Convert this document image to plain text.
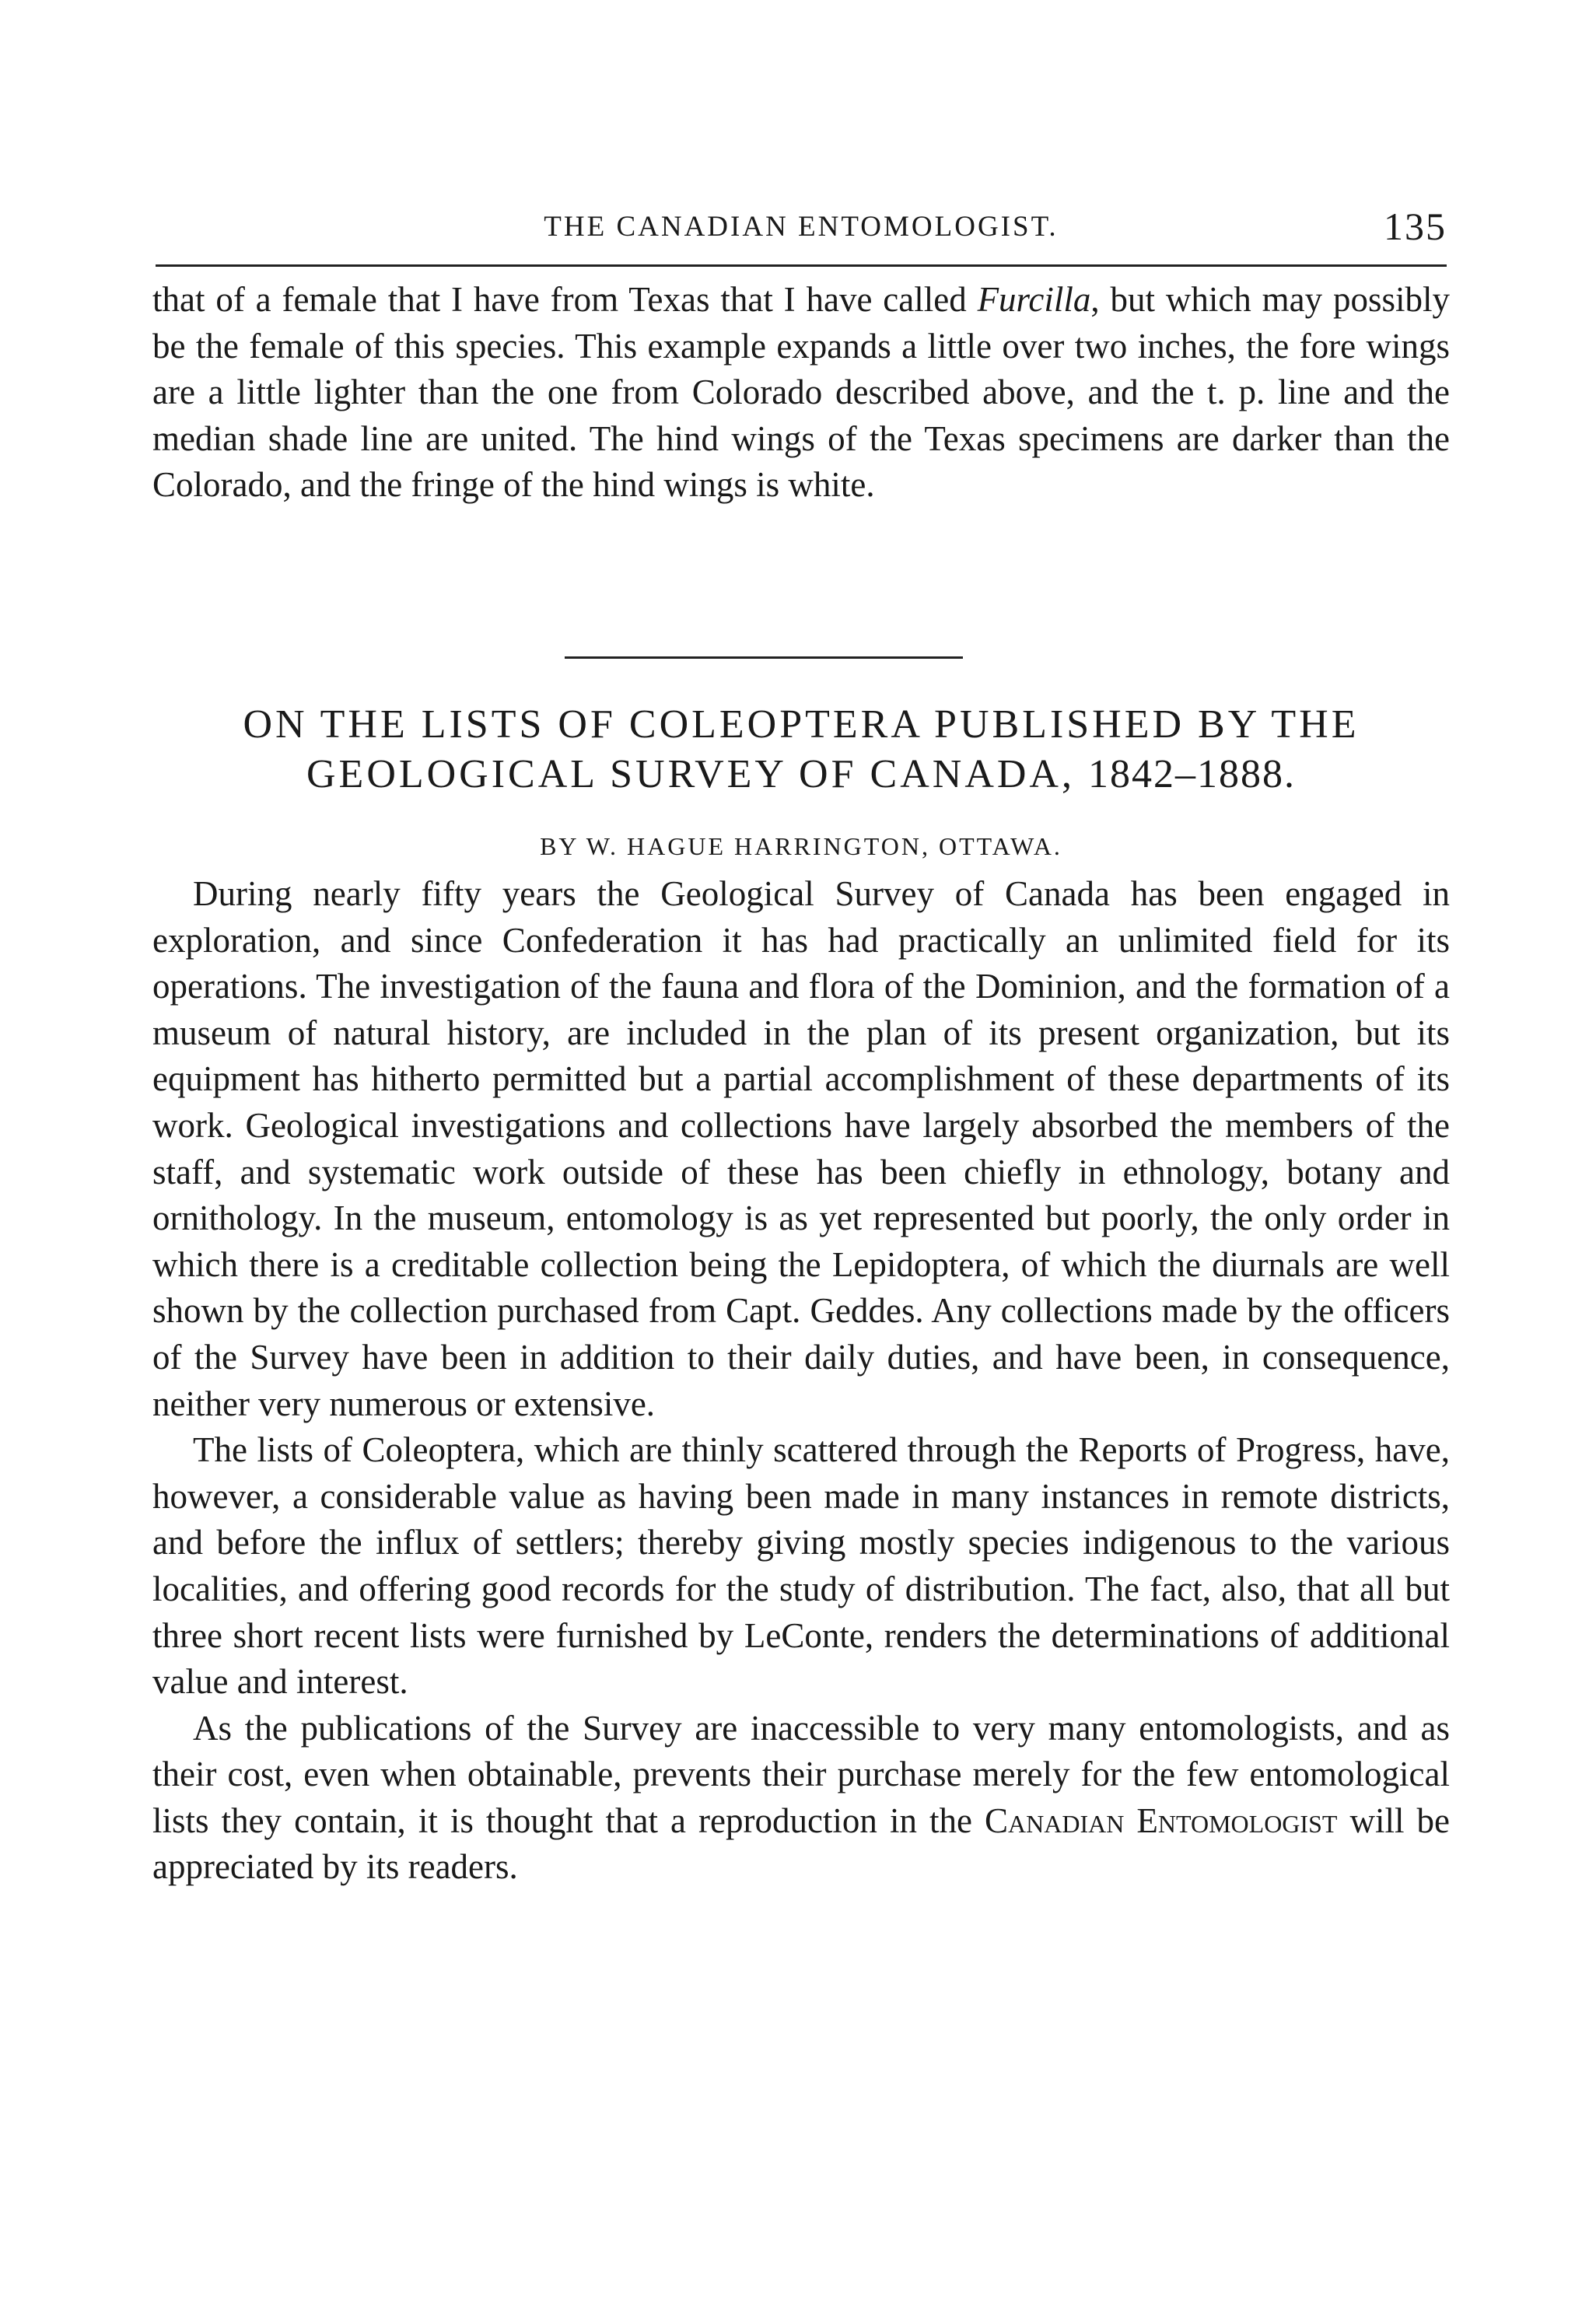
THE CANADIAN ENTOMOLOGIST.	135

that of a female that I have from Texas that I have called Furcilla, but which may possibly be the female of this species. This example expands a little over two inches, the fore wings are a little lighter than the one from Colorado described above, and the t. p. line and the median shade line are united. The hind wings of the Texas specimens are darker than the Colorado, and the fringe of the hind wings is white.

ON THE LISTS OF COLEOPTERA PUBLISHED BY THE
GEOLOGICAL SURVEY OF CANADA, 1842–1888.
BY W. HAGUE HARRINGTON, OTTAWA.

During nearly fifty years the Geological Survey of Canada has been engaged in exploration, and since Confederation it has had practically an unlimited field for its operations. The investigation of the fauna and flora of the Dominion, and the formation of a museum of natural history, are included in the plan of its present organization, but its equipment has hitherto permitted but a partial accomplishment of these departments of its work. Geological investigations and collections have largely absorbed the members of the staff, and systematic work outside of these has been chiefly in ethnology, botany and ornithology. In the museum, entomology is as yet represented but poorly, the only order in which there is a creditable collection being the Lepidoptera, of which the diurnals are well shown by the collection purchased from Capt. Geddes. Any collections made by the officers of the Survey have been in addition to their daily duties, and have been, in consequence, neither very numerous or extensive.

The lists of Coleoptera, which are thinly scattered through the Reports of Progress, have, however, a considerable value as having been made in many instances in remote districts, and before the influx of settlers; thereby giving mostly species indigenous to the various localities, and offering good records for the study of distribution. The fact, also, that all but three short recent lists were furnished by LeConte, renders the determinations of additional value and interest.

As the publications of the Survey are inaccessible to very many entomologists, and as their cost, even when obtainable, prevents their purchase merely for the few entomological lists they contain, it is thought that a reproduction in the Canadian Entomologist will be appreciated by its readers.
